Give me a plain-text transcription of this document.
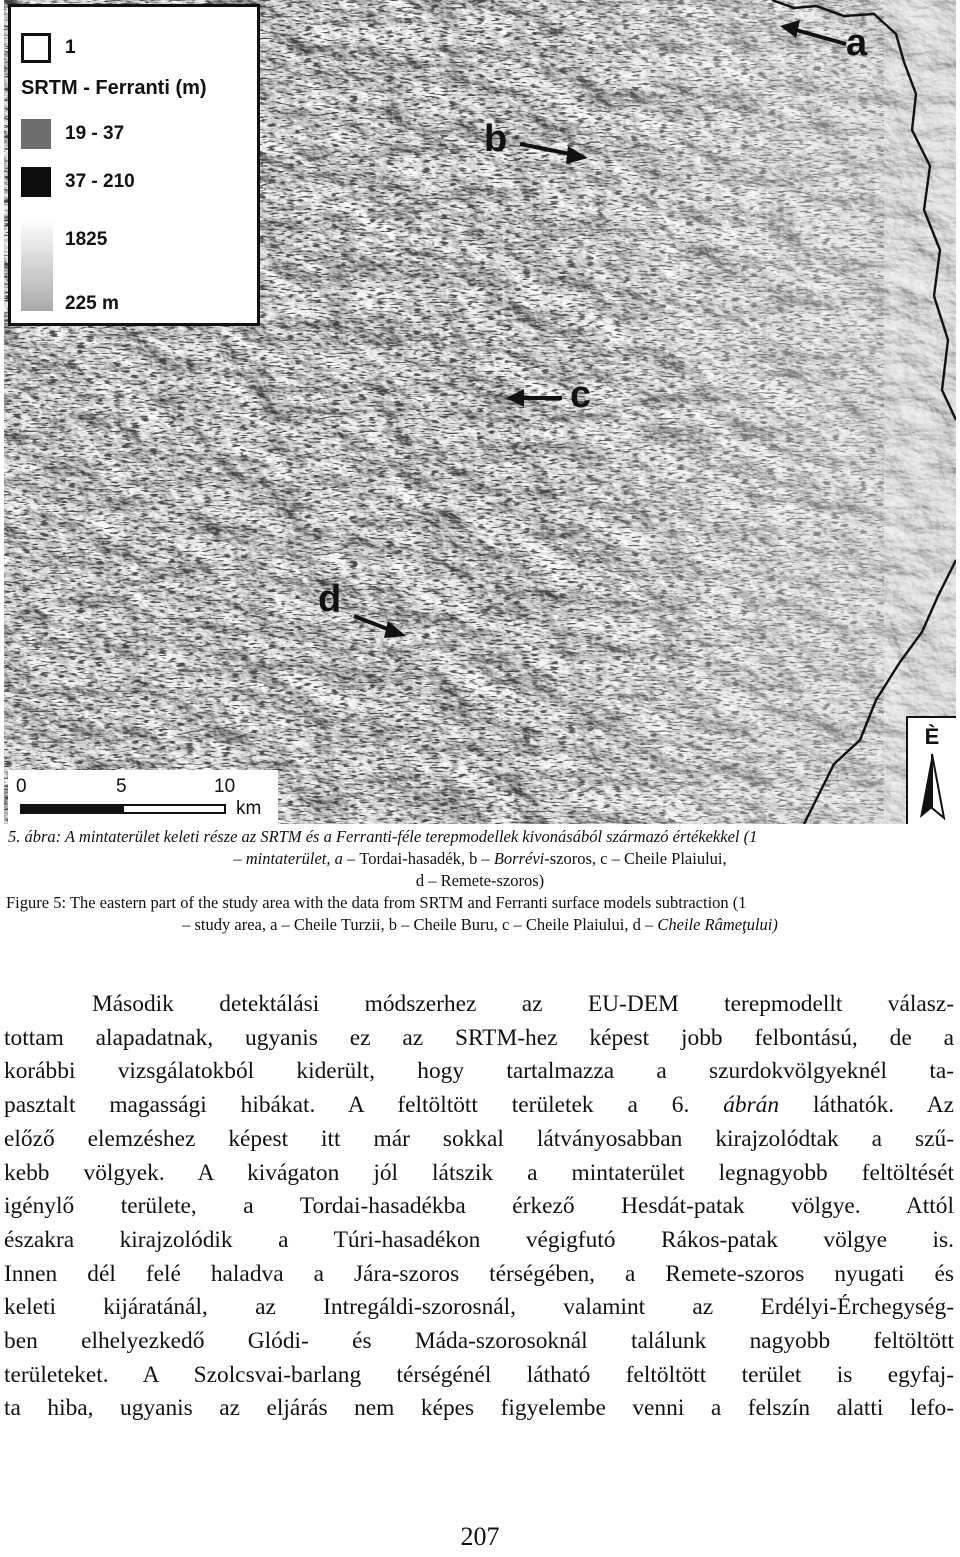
a
b
c
d
1
SRTM - Ferranti (m)
19 - 37
37 - 210
1825
225 m
0	5	10
km
È

5. ábra: A mintaterület keleti része az SRTM és a Ferranti-féle terepmodellek kivonásából származó értékekkel (1

– mintaterület, a – Tordai-hasadék, b – Borrévi-szoros, c – Cheile Plaiului,

d – Remete-szoros)

Figure 5: The eastern part of the study area with the data from SRTM and Ferranti surface models subtraction (1

– study area, a – Cheile Turzii, b – Cheile Buru, c – Cheile Plaiului, d – Cheile Râmeţului)

Második detektálási módszerhez az EU-DEM terepmodellt válasz-
tottam alapadatnak, ugyanis ez az SRTM-hez képest jobb felbontású, de a
korábbi vizsgálatokból kiderült, hogy tartalmazza a szurdokvölgyeknél ta-
pasztalt magassági hibákat. A feltöltött területek a 6. ábrán láthatók. Az
előző elemzéshez képest itt már sokkal látványosabban kirajzolódtak a szű-
kebb völgyek. A kivágaton jól látszik a mintaterület legnagyobb feltöltését
igénylő területe, a Tordai-hasadékba érkező Hesdát-patak völgye. Attól
északra kirajzolódik a Túri-hasadékon végigfutó Rákos-patak völgye is.
Innen dél felé haladva a Jára-szoros térségében, a Remete-szoros nyugati és
keleti kijáratánál, az Intregáldi-szorosnál, valamint az Erdélyi-Érchegység-
ben elhelyezkedő Glódi- és Máda-szorosoknál találunk nagyobb feltöltött
területeket. A Szolcsvai-barlang térségénél látható feltöltött terület is egyfaj-
ta hiba, ugyanis az eljárás nem képes figyelembe venni a felszín alatti lefo-
207
